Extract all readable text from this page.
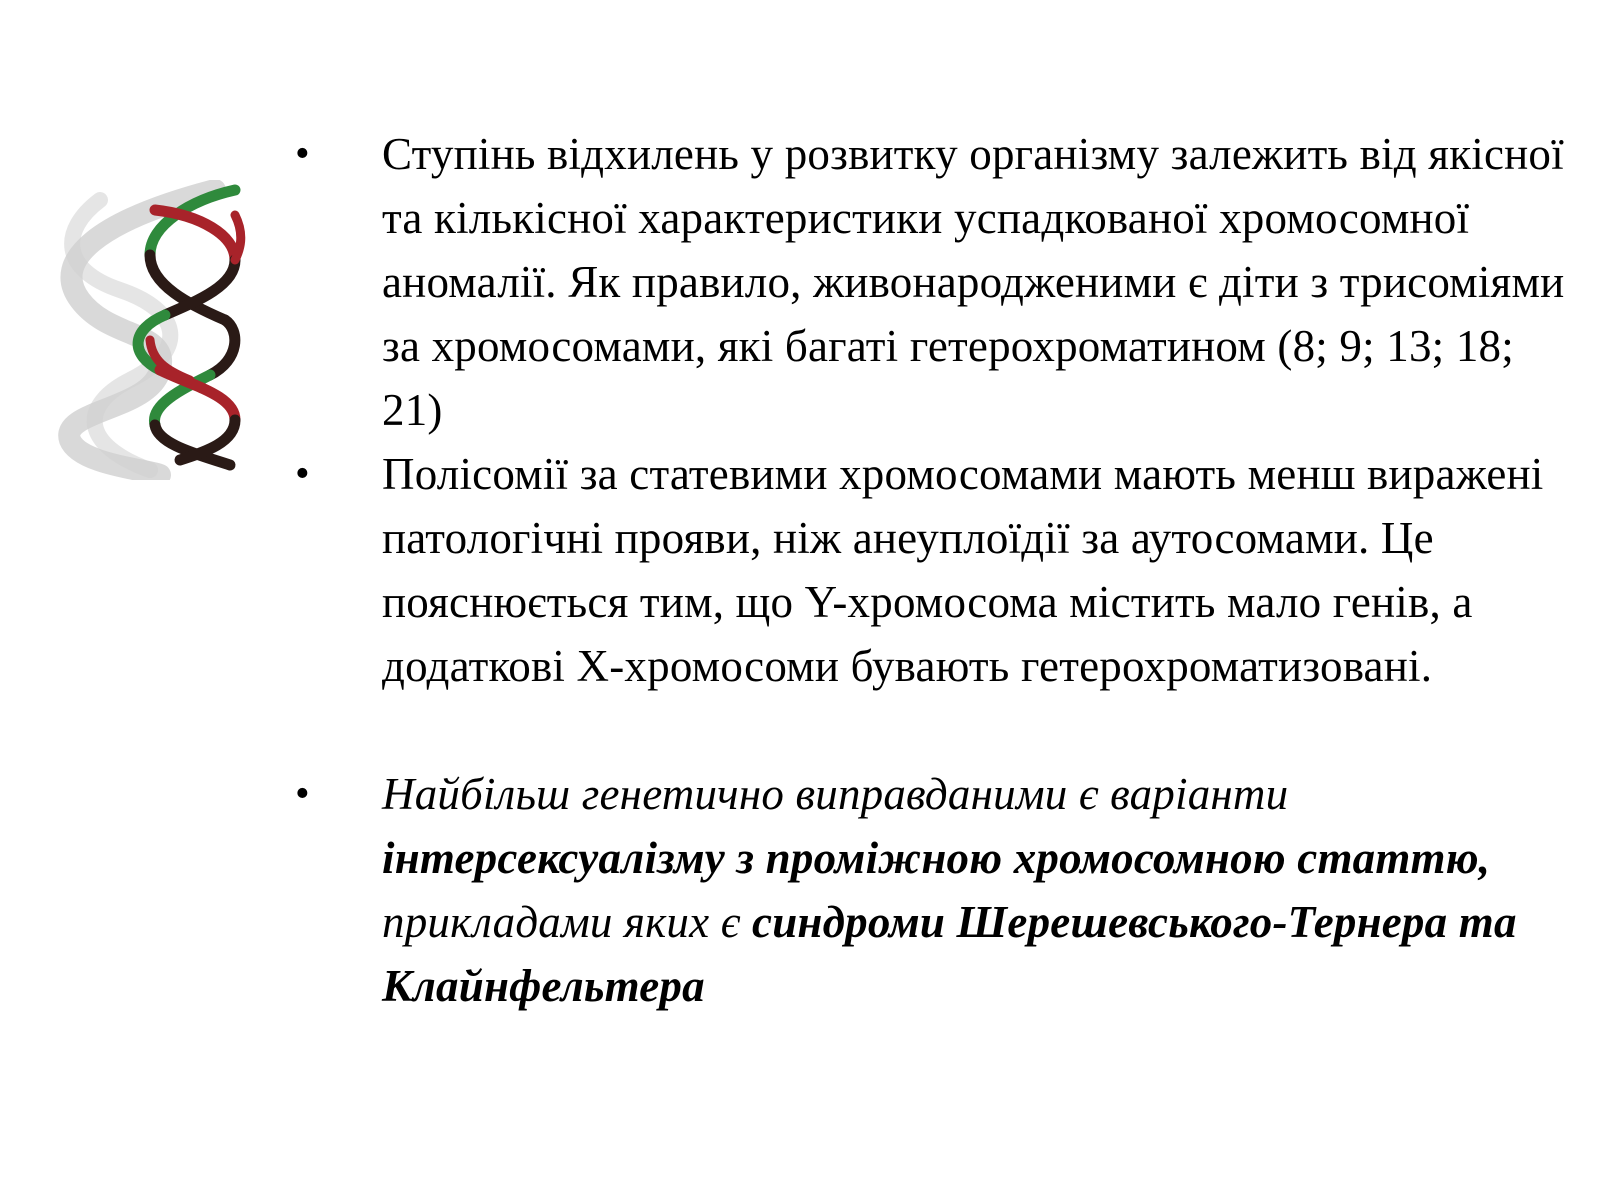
•	Ступінь відхилень у розвитку організму залежить від якісної та кількісної характеристики успадкованої хромосомної аномалії. Як правило, живонародженими є діти з трисоміями за хромосомами, які багаті гетерохроматином (8; 9; 13; 18; 21)
•	Полісомії за статевими хромосомами мають менш виражені патологічні прояви, ніж анеуплоїдії за аутосомами. Це пояснюється тим, що Y-хромосома містить мало генів, а додаткові X-хромосоми бувають гетерохроматизовані.
•	Найбільш генетично виправданими є варіанти інтерсексуалізму з проміжною хромосомною статтю, прикладами яких є синдроми Шерешевського-Тернера та Клайнфельтера
